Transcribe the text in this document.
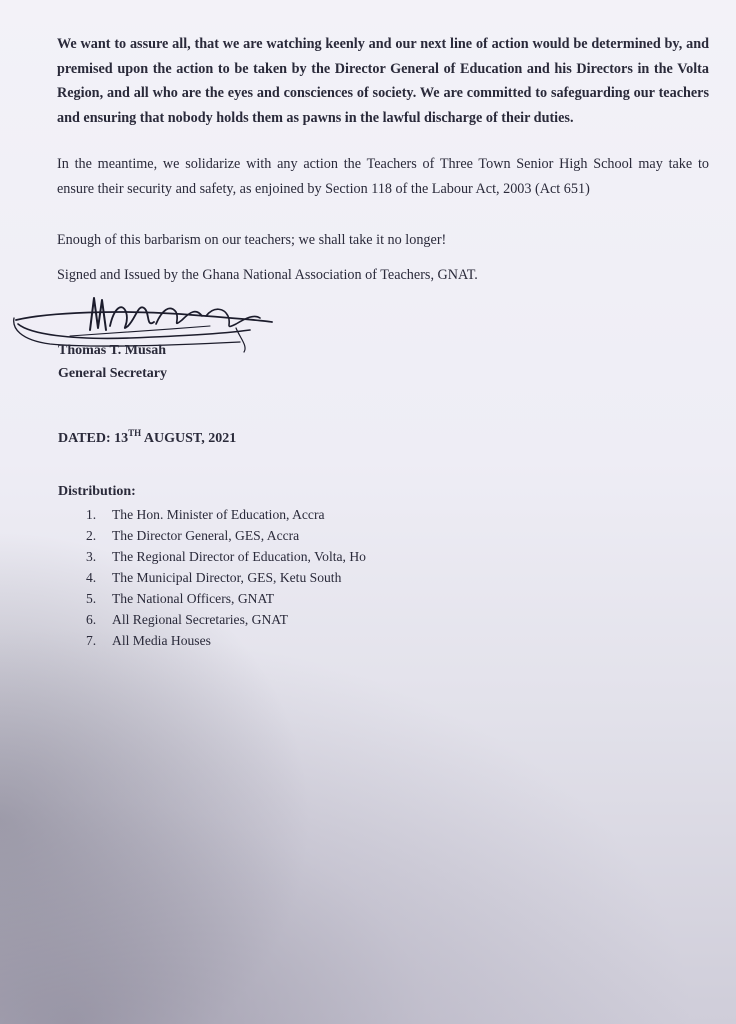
We want to assure all, that we are watching keenly and our next line of action would be determined by, and premised upon the action to be taken by the Director General of Education and his Directors in the Volta Region, and all who are the eyes and consciences of society. We are committed to safeguarding our teachers and ensuring that nobody holds them as pawns in the lawful discharge of their duties.

In the meantime, we solidarize with any action the Teachers of Three Town Senior High School may take to ensure their security and safety, as enjoined by Section 118 of the Labour Act, 2003 (Act 651)

Enough of this barbarism on our teachers; we shall take it no longer!

Signed and Issued by the Ghana National Association of Teachers, GNAT.

Thomas T. Musah
General Secretary
DATED: 13TH AUGUST, 2021
Distribution:
1.	The Hon. Minister of Education, Accra
2.	The Director General, GES, Accra
3.	The Regional Director of Education, Volta, Ho
4.	The Municipal Director, GES, Ketu South
5.	The National Officers, GNAT
6.	All Regional Secretaries, GNAT
7.	All Media Houses
